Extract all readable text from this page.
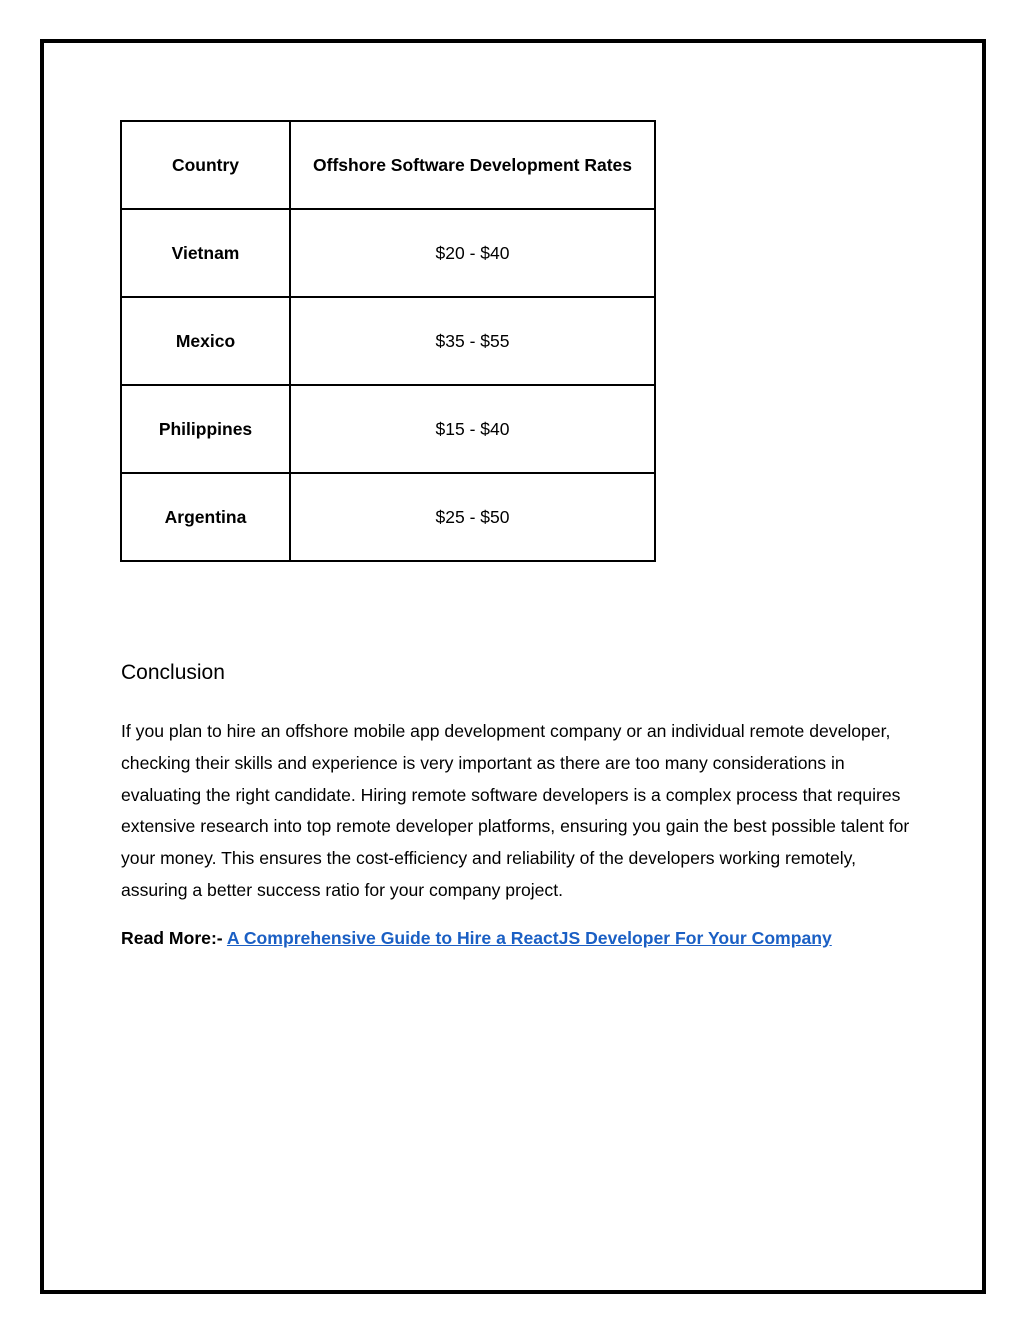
Country	Offshore Software Development Rates
Vietnam	$20 - $40
Mexico	$35 - $55
Philippines	$15 - $40
Argentina	$25 - $50
Conclusion

If you plan to hire an offshore mobile app development company or an individual remote developer, checking their skills and experience is very important as there are too many considerations in evaluating the right candidate. Hiring remote software developers is a complex process that requires extensive research into top remote developer platforms, ensuring you gain the best possible talent for your money. This ensures the cost-efficiency and reliability of the developers working remotely, assuring a better success ratio for your company project.

Read More:- A Comprehensive Guide to Hire a ReactJS Developer For Your Company
